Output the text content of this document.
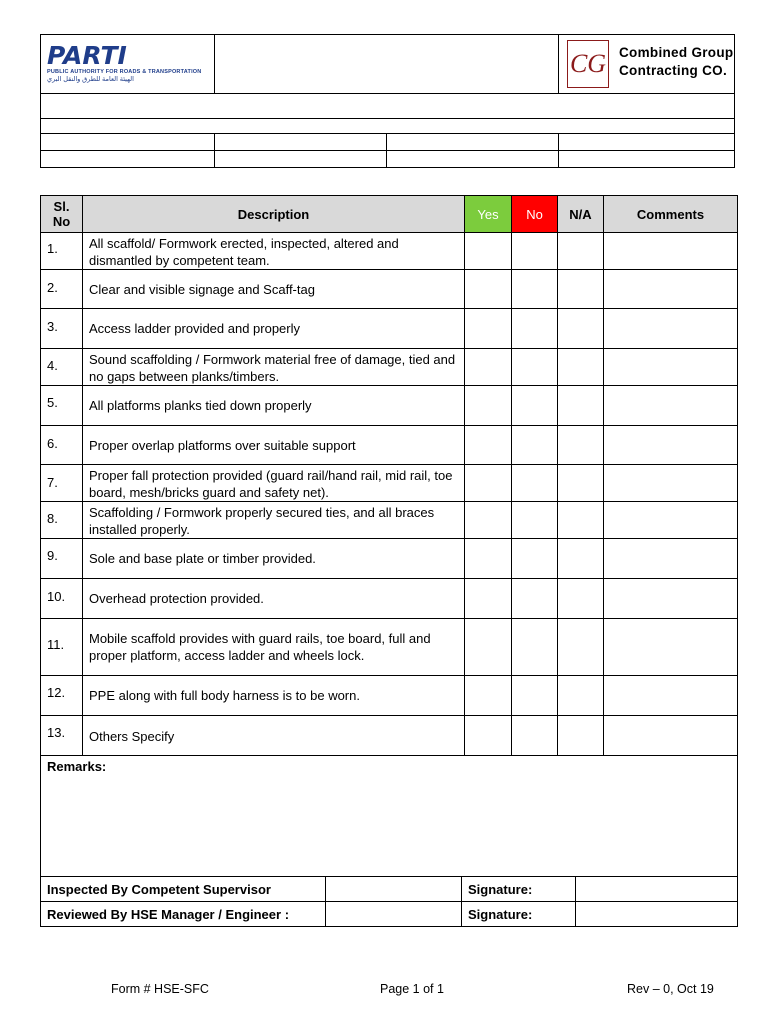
PARTI
PUBLIC AUTHORITY FOR ROADS & TRANSPORTATION
الهيئة العامة للطرق والنقل البري

CG Combined Group
Contracting CO.

Sl.
No	Description	Yes	No	N/A	Comments
1.	All scaffold/ Formwork erected, inspected, altered and dismantled by competent team.				
2.	Clear and visible signage and Scaff-tag				
3.	Access ladder provided and properly				
4.	Sound scaffolding / Formwork material free of damage, tied and no gaps between planks/timbers.				
5.	All platforms planks tied down properly				
6.	Proper overlap platforms over suitable support				
7.	Proper fall protection provided (guard rail/hand rail, mid rail, toe board, mesh/bricks guard and safety net).				
8.	Scaffolding / Formwork properly secured ties, and all braces installed properly.				
9.	Sole and base plate or timber provided.				
10.	Overhead protection provided.				
11.	Mobile scaffold provides with guard rails, toe board, full and proper platform, access ladder and wheels lock.				
12.	PPE along with full body harness is to be worn.				
13.	Others Specify				

Remarks:					
Inspected By Competent Supervisor		Signature:	
Reviewed By HSE Manager / Engineer :		Signature:	
Form # HSE-SFC	Page 1 of 1	Rev – 0, Oct 19
